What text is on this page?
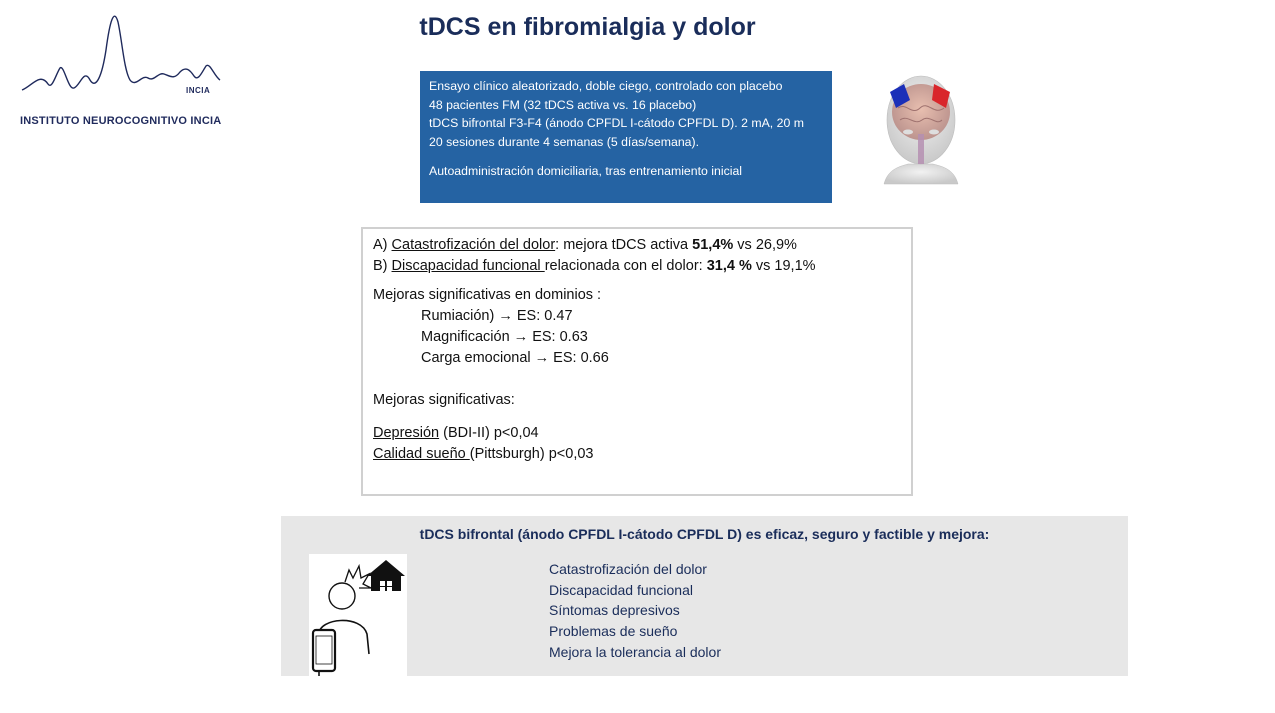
INCIA
INSTITUTO NEUROCOGNITIVO INCIA
tDCS en fibromialgia y dolor
Ensayo clínico aleatorizado, doble ciego, controlado con placebo
48 pacientes FM (32 tDCS activa vs. 16 placebo)
tDCS bifrontal F3-F4 (ánodo CPFDL I-cátodo CPFDL D). 2 mA, 20 m
20 sesiones durante 4 semanas (5 días/semana).
Autoadministración domiciliaria, tras entrenamiento inicial
A) Catastrofización del dolor: mejora tDCS activa 51,4% vs 26,9%
B) Discapacidad funcional relacionada con el dolor: 31,4 % vs 19,1%
Mejoras significativas en dominios :
Rumiación) → ES: 0.47
Magnificación → ES: 0.63
Carga emocional → ES: 0.66
Mejoras significativas:
Depresión (BDI-II) p<0,04
Calidad sueño (Pittsburgh) p<0,03
tDCS bifrontal (ánodo CPFDL I-cátodo CPFDL D) es eficaz, seguro y factible y mejora:
Catastrofización del dolor
Discapacidad funcional
Síntomas depresivos
Problemas de sueño
Mejora la tolerancia al dolor
